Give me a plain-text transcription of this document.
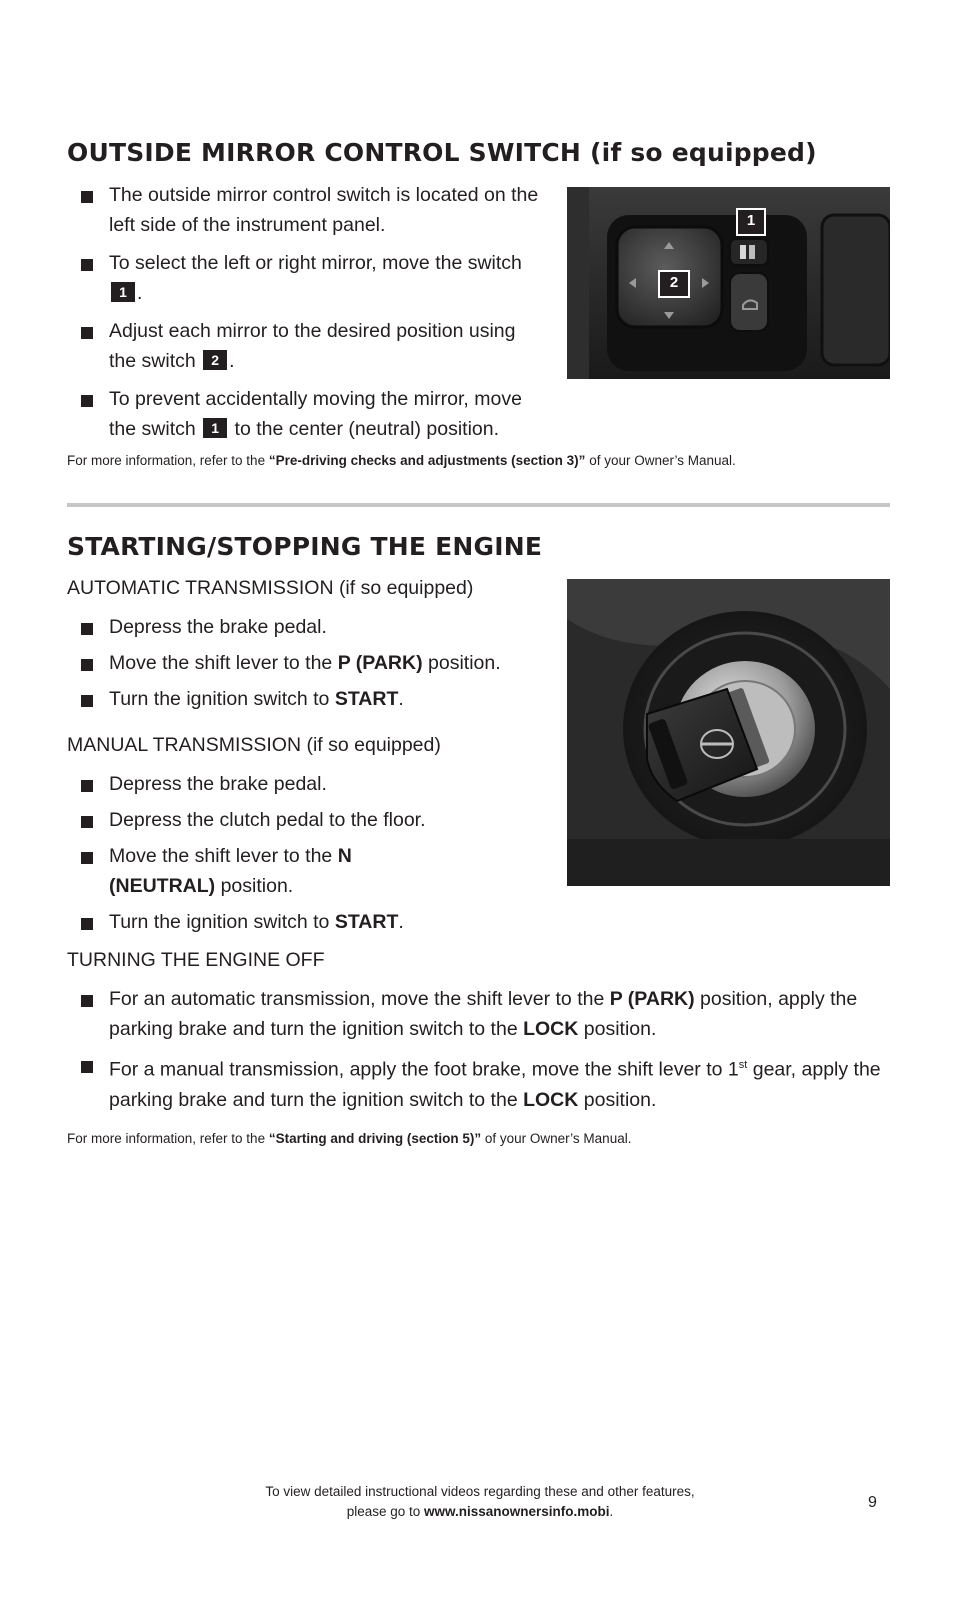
OUTSIDE MIRROR CONTROL SWITCH (if so equipped)
The outside mirror control switch is located on the left side of the instrument panel.
To select the left or right mirror, move the switch 1 .
Adjust each mirror to the desired position using the switch 2 .
To prevent accidentally moving the mirror, move the switch 1 to the center (neutral) position.
1
2
For more information, refer to the “Pre-driving checks and adjustments (section 3)” of your Owner’s Manual.
STARTING/STOPPING THE ENGINE
AUTOMATIC TRANSMISSION (if so equipped)
Depress the brake pedal.
Move the shift lever to the P (PARK) position.
Turn the ignition switch to START.
MANUAL TRANSMISSION (if so equipped)
Depress the brake pedal.
Depress the clutch pedal to the floor.
Move the shift lever to the N (NEUTRAL) position.
Turn the ignition switch to START.
TURNING THE ENGINE OFF
For an automatic transmission, move the shift lever to the P (PARK) position, apply the parking brake and turn the ignition switch to the LOCK position.
For a manual transmission, apply the foot brake, move the shift lever to 1st gear, apply the parking brake and turn the ignition switch to the LOCK position.
For more information, refer to the “Starting and driving (section 5)” of your Owner’s Manual.
To view detailed instructional videos regarding these and other features,
please go to www.nissanownersinfo.mobi.
9
